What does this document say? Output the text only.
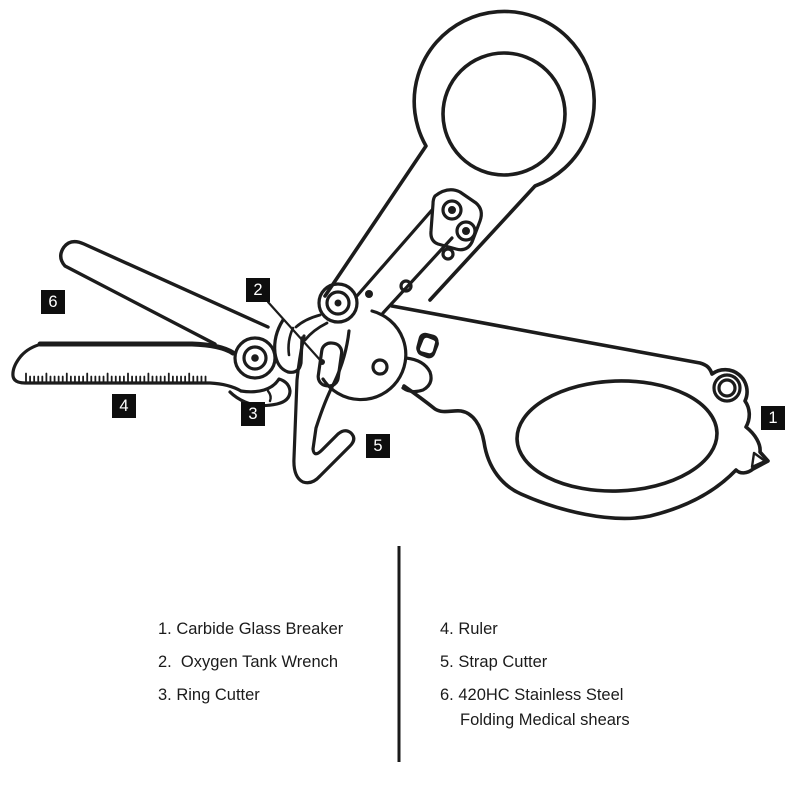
1
2
3
4
5
6
1. Carbide Glass Breaker
2.  Oxygen Tank Wrench
3. Ring Cutter
4. Ruler
5. Strap Cutter
6. 420HC Stainless Steel
Folding Medical shears
